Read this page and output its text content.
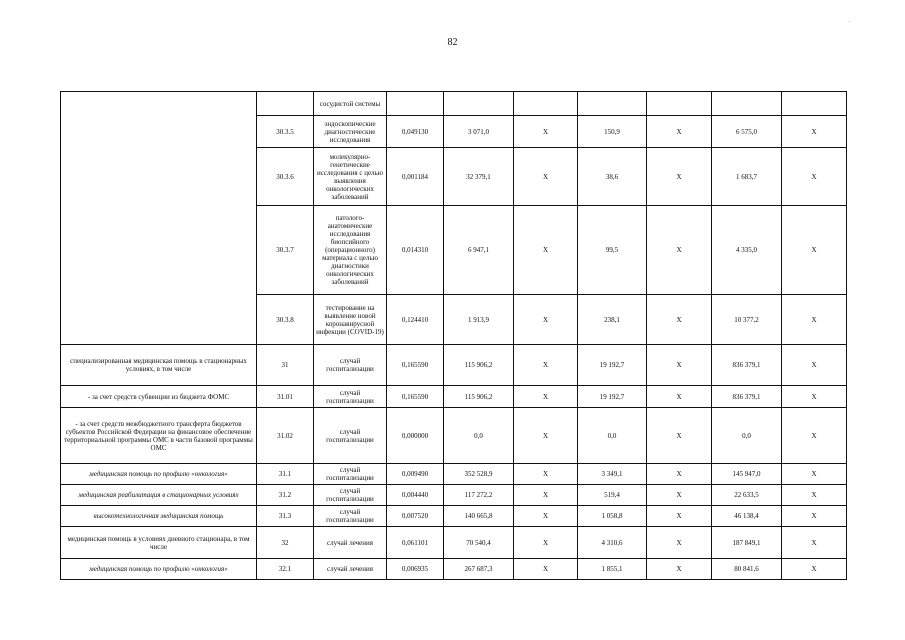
82
·
		сосудистой системы							
	30.3.5	эндоскопические диагностические исследования	0,049130	3 071,0	X	150,9	X	6 575,0	X
	30.3.6	молекулярно-генетические исследования с целью выявления онкологических заболеваний	0,001184	32 379,1	X	38,6	X	1 683,7	X
	30.3.7	патолого-анатомические исследования биопсийного (операционного) материала с целью диагностики онкологических заболеваний	0,014310	6 947,1	X	99,5	X	4 335,0	X
	30.3.8	тестирование на выявление новой коронавирусной инфекции (COVID-19)	0,124410	1 913,9	X	238,1	X	10 377,2	X
специализированная медицинская помощь в стационарных условиях, в том числе	31	случай госпитализации	0,165590	115 906,2	X	19 192,7	X	836 379,1	X
- за счет средств субвенции из бюджета ФОМС	31.01	случай госпитализации	0,165590	115 906,2	X	19 192,7	X	836 379,1	X
- за счет средств межбюджетного трансферта бюджетов субъектов Российской Федерации на финансовое обеспечение территориальной программы ОМС в части базовой программы ОМС	31.02	случай госпитализации	0,000000	0,0	X	0,0	X	0,0	X
медицинская помощь по профилю «онкология»	31.1	случай госпитализации	0,009490	352 528,9	X	3 349,1	X	145 947,0	X
медицинская реабилитация в стационарных условиях	31.2	случай госпитализации	0,004440	117 272,2	X	519,4	X	22 633,5	X
высокотехнологичная медицинская помощь	31.3	случай госпитализации	0,007520	140 665,8	X	1 058,8	X	46 138,4	X
медицинская помощь в условиях дневного стационара, в том числе	32	случай лечения	0,061101	70 540,4	X	4 310,6	X	187 849,1	X
медицинская помощь по профилю «онкология»	32.1	случай лечения	0,006935	267 687,3	X	1 855,1	X	80 841,6	X
